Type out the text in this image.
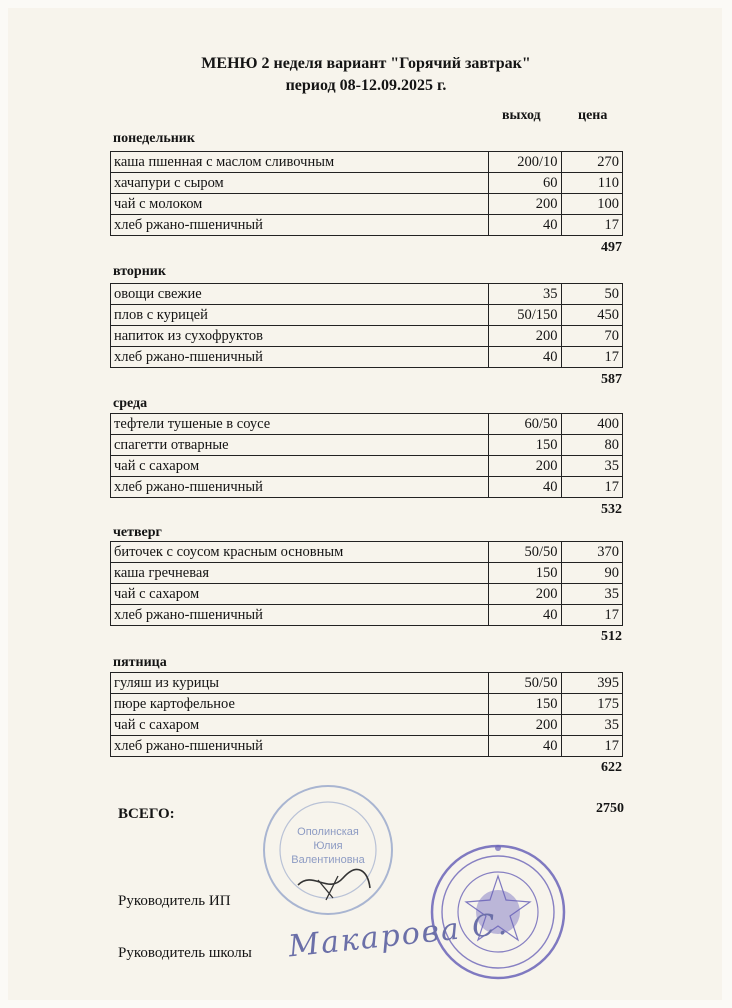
МЕНЮ 2 неделя вариант "Горячий завтрак"
период 08-12.09.2025 г.
выход	цена
понедельник
каша пшенная с маслом сливочным	200/10	270
хачапури с сыром	60	110
чай с молоком	200	100
хлеб ржано-пшеничный	40	17
497
вторник
овощи свежие	35	50
плов с курицей	50/150	450
напиток из сухофруктов	200	70
хлеб ржано-пшеничный	40	17
587
среда
тефтели тушеные в соусе	60/50	400
спагетти отварные	150	80
чай с сахаром	200	35
хлеб ржано-пшеничный	40	17
532
четверг
биточек с соусом красным основным	50/50	370
каша гречневая	150	90
чай с сахаром	200	35
хлеб ржано-пшеничный	40	17
512
пятница
гуляш из курицы	50/50	395
пюре картофельное	150	175
чай с сахаром	200	35
хлеб ржано-пшеничный	40	17
622
ВСЕГО:	2750
Ополинская
Юлия
Валентиновна
Руководитель ИП
Руководитель школы Макарова С.
